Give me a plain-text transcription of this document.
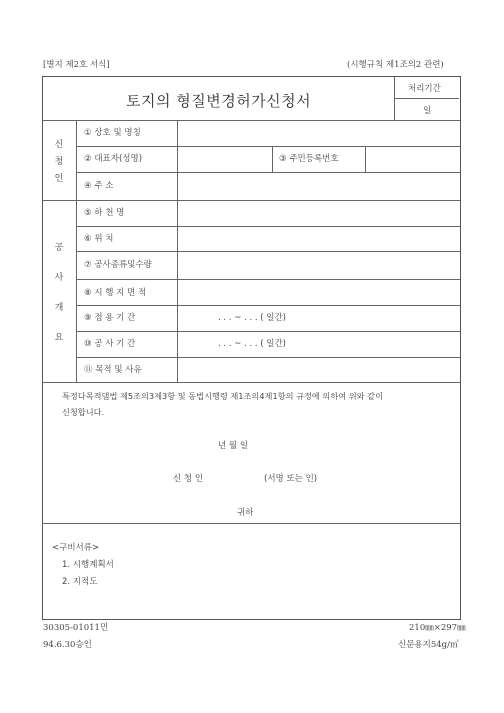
[별지 제2호 서식]	(시행규칙 제1조의2 관련)
토지의 형질변경허가신청서
처리기간
일
신
청
인
① 상호 및 명칭
② 대표자(성명)	③ 주민등록번호
④ 주 소
공
사
개
요
⑤ 하 천 명
⑥ 위 치
⑦ 공사종류및수량
⑧ 시 행 지 면 적
⑨ 점 용 기 간	. . . ~ . . . ( 일간)
⑩ 공 사 기 간	. . . ~ . . . ( 일간)
⑪ 목적 및 사유
특정다목적댐법 제5조의3제3항 및 동법시행령 제1조의4제1항의 규정에 의하여 위와 같이
신청합니다.
년 월 일
신 청 인	(서명 또는 인)
귀하
<구비서류>
1. 시행계획서
2. 지적도
30305-01011민
94.6.30승인
210㎜×297㎜
신문용지54g/㎡
